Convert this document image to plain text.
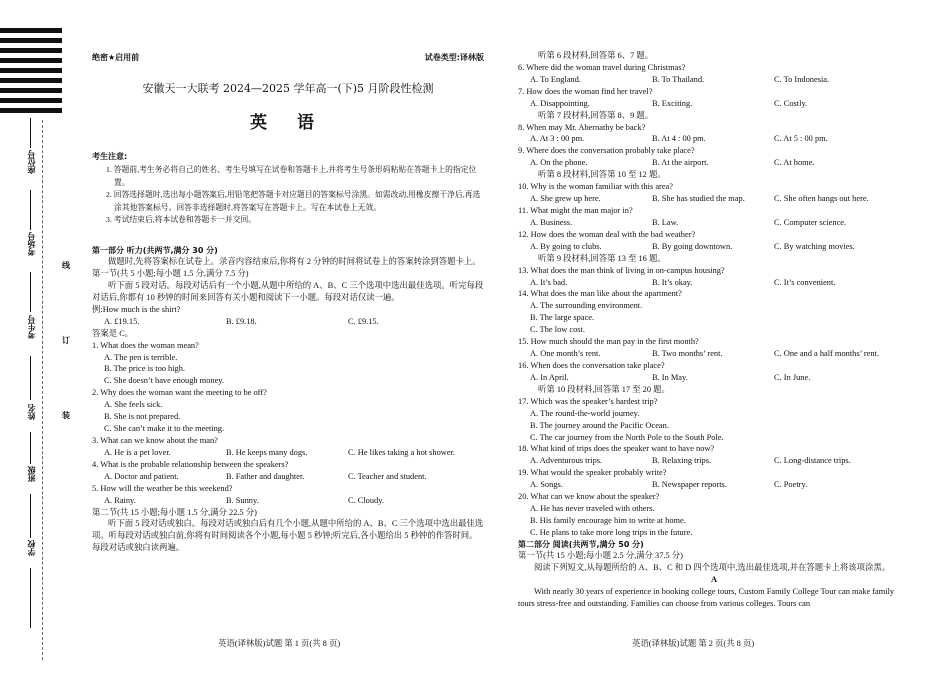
座位号
考场号
考生号
姓名
班级
学校
线
订
装
绝密★启用前	试卷类型:译林版
安徽天一大联考 2024—2025 学年高一(下)5 月阶段性检测
英 语
考生注意:
1. 答题前,考生务必将自己的姓名、考生号填写在试卷和答题卡上,并将考生号条形码粘贴在答题卡上的指定位置。
2. 回答选择题时,选出每小题答案后,用铅笔把答题卡对应题目的答案标号涂黑。如需改动,用橡皮擦干净后,再选涂其他答案标号。回答非选择题时,将答案写在答题卡上。写在本试卷上无效。
3. 考试结束后,将本试卷和答题卡一并交回。
第一部分 听力(共两节,满分 30 分)
做题时,先将答案标在试卷上。录音内容结束后,你将有 2 分钟的时间将试卷上的答案转涂到答题卡上。
第一节(共 5 小题;每小题 1.5 分,满分 7.5 分)
听下面 5 段对话。每段对话后有一个小题,从题中所给的 A、B、C 三个选项中选出最佳选项。听完每段对话后,你都有 10 秒钟的时间来回答有关小题和阅读下一小题。每段对话仅读一遍。
例:How much is the shirt?
A. £19.15.	B. £9.18.	C. £9.15.
答案是 C。
1. What does the woman mean?
A. The pen is terrible.
B. The price is too high.
C. She doesn’t have enough money.
2. Why does the woman want the meeting to be off?
A. She feels sick.
B. She is not prepared.
C. She can’t make it to the meeting.
3. What can we know about the man?
A. He is a pet lover.	B. He keeps many dogs.	C. He likes taking a hot shower.
4. What is the probable relationship between the speakers?
A. Doctor and patient.	B. Father and daughter.	C. Teacher and student.
5. How will the weather be this weekend?
A. Rainy.	B. Sunny.	C. Cloudy.
第二节(共 15 小题;每小题 1.5 分,满分 22.5 分)
听下面 5 段对话或独白。每段对话或独白后有几个小题,从题中所给的 A、B、C 三个选项中选出最佳选项。听每段对话或独白前,你将有时间阅读各个小题,每小题 5 秒钟;听完后,各小题给出 5 秒钟的作答时间。每段对话或独白读两遍。
英语(译林版)试题 第 1 页(共 8 页)
听第 6 段材料,回答第 6、7 题。
6. Where did the woman travel during Christmas?
A. To England.	B. To Thailand.	C. To Indonesia.
7. How does the woman find her travel?
A. Disappointing.	B. Exciting.	C. Costly.
听第 7 段材料,回答第 8、9 题。
8. When may Mr. Abernathy be back?
A. At 3 : 00 pm.	B. At 4 : 00 pm.	C. At 5 : 00 pm.
9. Where does the conversation probably take place?
A. On the phone.	B. At the airport.	C. At home.
听第 8 段材料,回答第 10 至 12 题。
10. Why is the woman familiar with this area?
A. She grew up here.	B. She has studied the map.	C. She often hangs out here.
11. What might the man major in?
A. Business.	B. Law.	C. Computer science.
12. How does the woman deal with the bad weather?
A. By going to clubs.	B. By going downtown.	C. By watching movies.
听第 9 段材料,回答第 13 至 16 题。
13. What does the man think of living in on-campus housing?
A. It’s bad.	B. It’s okay.	C. It’s convenient.
14. What does the man like about the apartment?
A. The surrounding environment.
B. The large space.
C. The low cost.
15. How much should the man pay in the first month?
A. One month’s rent.	B. Two months’ rent.	C. One and a half months’ rent.
16. When does the conversation take place?
A. In April.	B. In May.	C. In June.
听第 10 段材料,回答第 17 至 20 题。
17. Which was the speaker’s hardest trip?
A. The round-the-world journey.
B. The journey around the Pacific Ocean.
C. The car journey from the North Pole to the South Pole.
18. What kind of trips does the speaker want to have now?
A. Adventurous trips.	B. Relaxing trips.	C. Long-distance trips.
19. What would the speaker probably write?
A. Songs.	B. Newspaper reports.	C. Poetry.
20. What can we know about the speaker?
A. He has never traveled with others.
B. His family encourage him to write at home.
C. He plans to take more long trips in the future.
第二部分 阅读(共两节,满分 50 分)
第一节(共 15 小题;每小题 2.5 分,满分 37.5 分)
阅读下列短文,从每题所给的 A、B、C 和 D 四个选项中,选出最佳选项,并在答题卡上将该项涂黑。
A
With nearly 30 years of experience in booking college tours, Custom Family College Tour can make family tours stress-free and outstanding. Families can choose from various colleges. Tours can
英语(译林版)试题 第 2 页(共 8 页)
